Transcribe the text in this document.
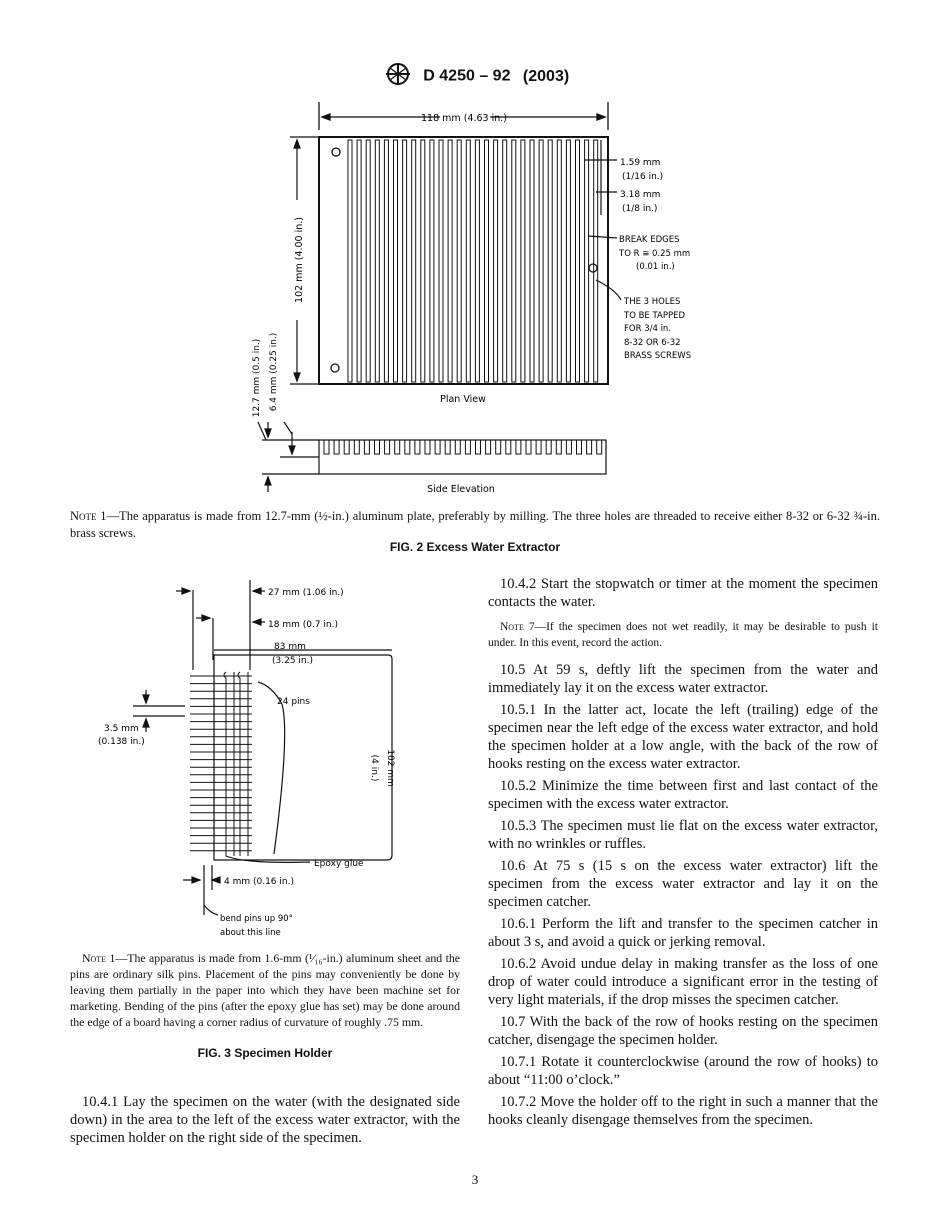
D 4250 – 92 (2003)
118 mm (4.63 in.)
102 mm (4.00 in.)
1.59 mm
(1/16 in.)
3.18 mm
(1/8 in.)
BREAK EDGES
TO R ≅ 0.25 mm
(0.01 in.)
THE 3 HOLES
TO BE TAPPED
FOR 3/4 in.
8-32 OR 6-32
BRASS SCREWS
Plan View
12.7 mm (0.5 in.) 6.4 mm (0.25 in.)
Side Elevation
Note 1—The apparatus is made from 12.7-mm (½-in.) aluminum plate, preferably by milling. The three holes are threaded to receive either 8-32 or 6-32 ¾-in. brass screws.
FIG. 2 Excess Water Extractor
27 mm (1.06 in.)
18 mm (0.7 in.)
83 mm
(3.25 in.)
24 pins
3.5 mm
(0.138 in.)
102 mm
(4 in.)
Epoxy glue
4 mm (0.16 in.)
bend pins up 90°
about this line
Note 1—The apparatus is made from 1.6-mm (¹⁄₁₆-in.) aluminum sheet and the pins are ordinary silk pins. Placement of the pins may conveniently be done by leaving them partially in the paper into which they have been machine set for marketing. Bending of the pins (after the epoxy glue has set) may be done around the edge of a board having a corner radius of curvature of roughly .75 mm.
FIG. 3 Specimen Holder

10.4.1 Lay the specimen on the water (with the designated side down) in the area to the left of the excess water extractor, with the specimen holder on the right side of the specimen.

10.4.2 Start the stopwatch or timer at the moment the specimen contacts the water.

Note 7—If the specimen does not wet readily, it may be desirable to push it under. In this event, record the action.

10.5 At 59 s, deftly lift the specimen from the water and immediately lay it on the excess water extractor.

10.5.1 In the latter act, locate the left (trailing) edge of the specimen near the left edge of the excess water extractor, and hold the specimen holder at a low angle, with the back of the row of hooks resting on the excess water extractor.

10.5.2 Minimize the time between first and last contact of the specimen with the excess water extractor.

10.5.3 The specimen must lie flat on the excess water extractor, with no wrinkles or ruffles.

10.6 At 75 s (15 s on the excess water extractor) lift the specimen from the excess water extractor and lay it on the specimen catcher.

10.6.1 Perform the lift and transfer to the specimen catcher in about 3 s, and avoid a quick or jerking removal.

10.6.2 Avoid undue delay in making transfer as the loss of one drop of water could introduce a significant error in the testing of very light materials, if the drop misses the specimen catcher.

10.7 With the back of the row of hooks resting on the specimen catcher, disengage the specimen holder.

10.7.1 Rotate it counterclockwise (around the row of hooks) to about “11:00 o’clock.”

10.7.2 Move the holder off to the right in such a manner that the hooks cleanly disengage themselves from the specimen.

3
